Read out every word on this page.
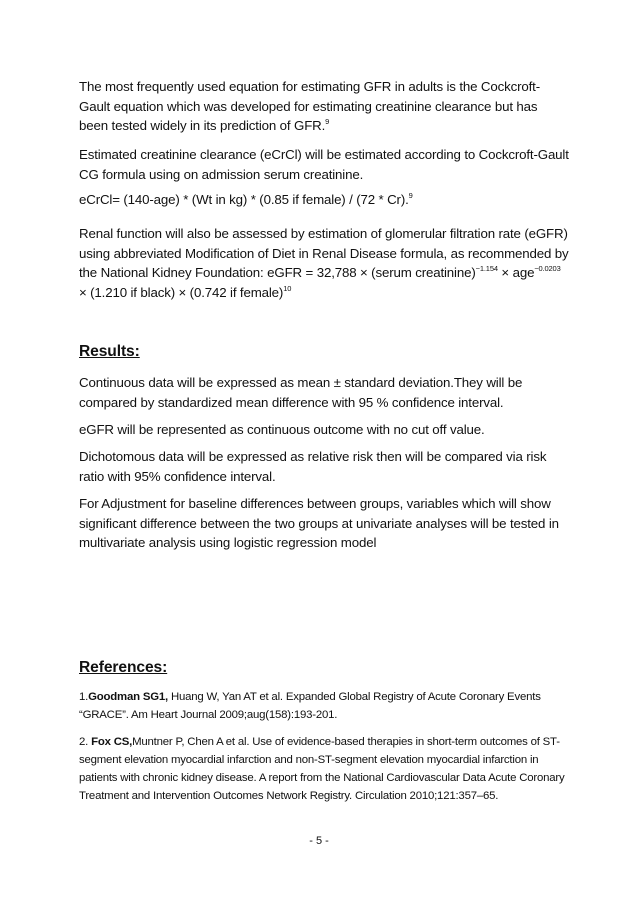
The most frequently used equation for estimating GFR in adults is the Cockcroft-Gault equation which was developed for estimating creatinine clearance but has been tested widely in its prediction of GFR.$^9$

Estimated creatinine clearance (eCrCl) will be estimated according to Cockcroft-Gault CG formula using on admission serum creatinine.

eCrCl= (140-age) * (Wt in kg) * (0.85 if female) / (72 * Cr).$^9$

Renal function will also be assessed by estimation of glomerular filtration rate (eGFR) using abbreviated Modification of Diet in Renal Disease formula, as recommended by the National Kidney Foundation: eGFR = 32,788 × (serum creatinine)$^{-1.154}$ × age$^{-0.0203}$ × (1.210 if black) × (0.742 if female)$^{10}$

Results:

Continuous data will be expressed as mean ± standard deviation.They will be compared by standardized mean difference with 95 % confidence interval.

eGFR will be represented as continuous outcome with no cut off value.

Dichotomous data will be expressed as relative risk then will be compared via risk ratio with 95% confidence interval.

For Adjustment for baseline differences between groups, variables which will show significant difference between the two groups at univariate analyses will be tested in multivariate analysis using logistic regression model

References:

1.Goodman SG1, Huang W, Yan AT et al. Expanded Global Registry of Acute Coronary Events “GRACE”. Am Heart Journal 2009;aug(158):193-201.

2. Fox CS,Muntner P, Chen A et al. Use of evidence-based therapies in short-term outcomes of ST-segment elevation myocardial infarction and non-ST-segment elevation myocardial infarction in patients with chronic kidney disease. A report from the National Cardiovascular Data Acute Coronary Treatment and Intervention Outcomes Network Registry. Circulation 2010;121:357–65.

- 5 -
